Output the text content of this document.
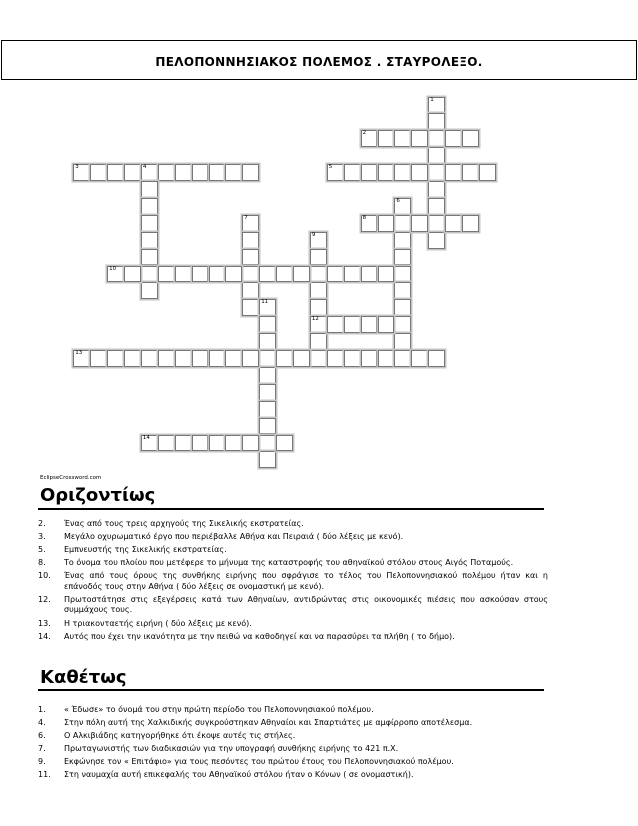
ΠΕΛΟΠΟΝΝΗΣΙΑΚΟΣ ΠΟΛΕΜΟΣ . ΣΤΑΥΡΟΛΕΞΟ.
1
2
3	4	5
6
7	8
9
12
10
11
13
14
EclipseCrossword.com
Οριζοντίως
2.	Ένας από τους τρεις αρχηγούς της Σικελικής εκστρατείας.
3.	Μεγάλο οχυρωματικό έργο που περιέβαλλε Αθήνα και Πειραιά ( δύο λέξεις με κενό).
5.	Εμπνευστής της Σικελικής εκστρατείας.
8.	Το όνομα του πλοίου που μετέφερε το μήνυμα της καταστροφής του αθηναϊκού στόλου στους Αιγός Ποταμούς.
10.	Ένας από τους όρους της συνθήκης ειρήνης που σφράγισε το τέλος του Πελοποννησιακού πολέμου ήταν και η επάνοδός τους στην Αθήνα ( δύο λέξεις σε ονομαστική με κενό).
12.	Πρωτοστάτησε στις εξεγέρσεις κατά των Αθηναίων, αντιδρώντας στις οικονομικές πιέσεις που ασκούσαν στους συμμάχους τους.
13.	Η τριακονταετής ειρήνη ( δύο λέξεις με κενό).
14.	Αυτός που έχει την ικανότητα με την πειθώ να καθοδηγεί και να παρασύρει τα πλήθη ( το δήμο).
Καθέτως
1.	« Έδωσε» το όνομά του στην πρώτη περίοδο του Πελοποννησιακού πολέμου.
4.	Στην πόλη αυτή της Χαλκιδικής συγκρούστηκαν Αθηναίοι και Σπαρτιάτες με αμφίρροπο αποτέλεσμα.
6.	Ο Αλκιβιάδης κατηγορήθηκε ότι έκοψε αυτές τις στήλες.
7.	Πρωταγωνιστής των διαδικασιών για την υπογραφή συνθήκης ειρήνης το 421 π.Χ.
9.	Εκφώνησε τον « Επιτάφιο» για τους πεσόντες του πρώτου έτους του Πελοποννησιακού πολέμου.
11.	Στη ναυμαχία αυτή επικεφαλής του Αθηναϊκού στόλου ήταν ο Κόνων ( σε ονομαστική).
